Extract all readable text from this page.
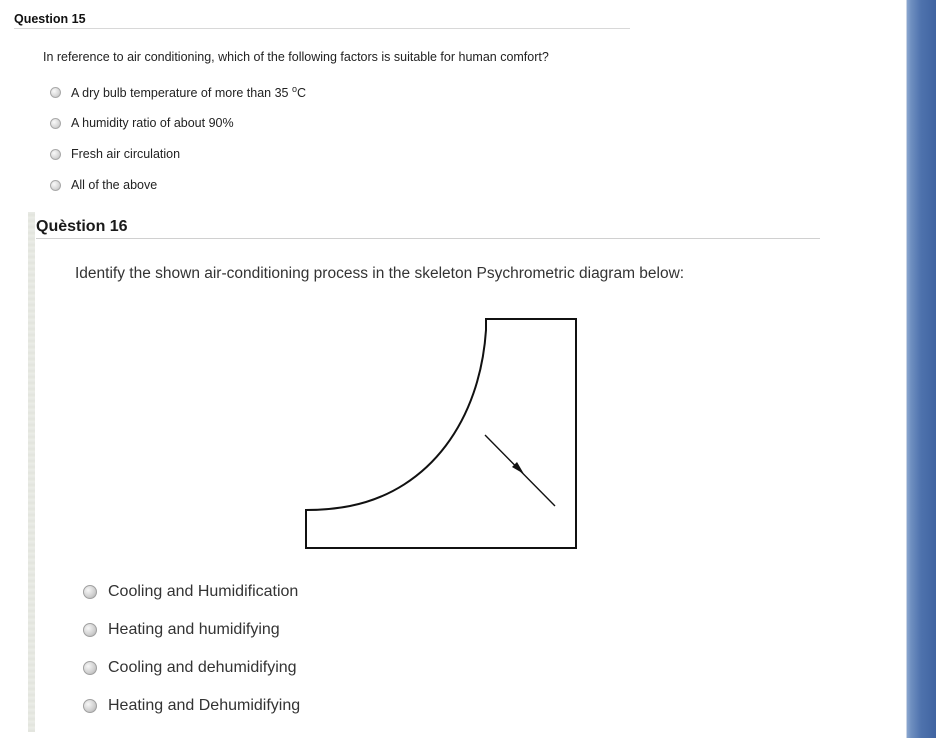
Question 15
In reference to air conditioning, which of the following factors is suitable for human comfort?
A dry bulb temperature of more than 35 $^o$C
A humidity ratio of about 90%
Fresh air circulation
All of the above
Quèstion 16
Identify the shown air-conditioning process in the skeleton Psychrometric diagram below:
Cooling and Humidification
Heating and humidifying
Cooling and dehumidifying
Heating and Dehumidifying
